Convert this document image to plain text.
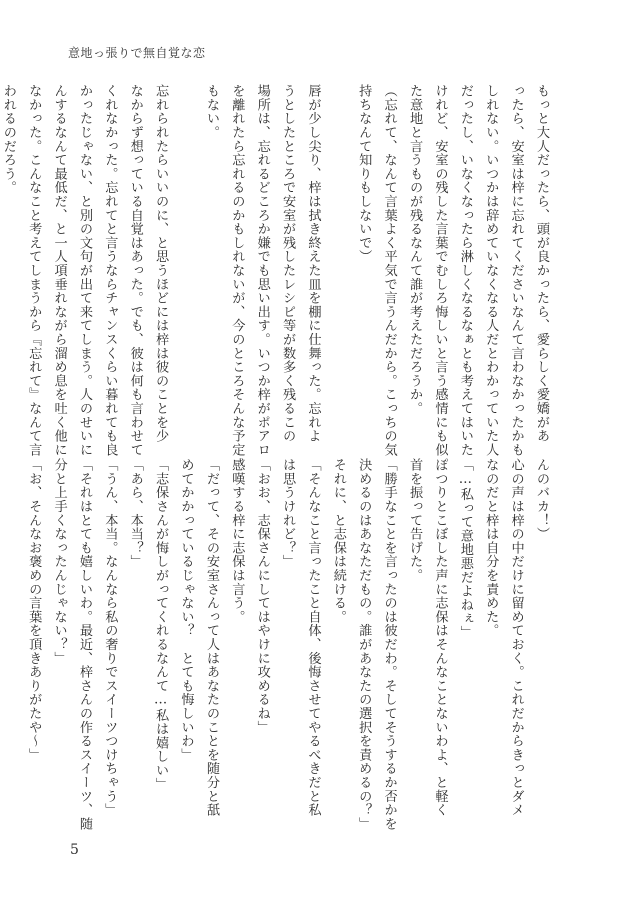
意地っ張りで無自覚な恋
もっと大人だったら、頭が良かったら、愛らしく愛嬌があ
ったら、安室は梓に忘れてくださいなんて言わなかったかも
しれない。いつかは辞めていなくなる人だとわかっていた人
だったし、いなくなったら淋しくなるなぁとも考えてはいた
けれど、安室の残した言葉でむしろ悔しいと言う感情にも似
た意地と言うものが残るなんて誰が考えただろうか。
（忘れて、なんて言葉よく平気で言うんだから。こっちの気
持ちなんて知りもしないで）
唇が少し尖り、梓は拭き終えた皿を棚に仕舞った。忘れよ
うとしたところで安室が残したレシピ等が数多く残るこの
場所は、忘れるどころか嫌でも思い出す。いつか梓がポアロ
を離れたら忘れるのかもしれないが、今のところそんな予定
もない。
忘れられたらいいのに、と思うほどには梓は彼のことを少
なからず想っている自覚はあった。でも、彼は何も言わせて
くれなかった。忘れてと言うならチャンスくらい暮れても良
かったじゃない、と別の文句が出て来てしまう。人のせいに
んするなんて最低だ、と一人項垂れながら溜め息を吐く他に
なかった。こんなこと考えてしまうから『忘れて』なんて言
われるのだろう。
んのバカ！）
心の声は梓の中だけに留めておく。これだからきっとダメ
なのだと梓は自分を責めた。
「…私って意地悪だよねぇ」
ぽつりとこぼした声に志保はそんなことないわよ、と軽く
首を振って告げた。
「勝手なことを言ったのは彼だわ。そしてそうするか否かを
決めるのはあなただもの。誰があなたの選択を責めるの？」
それに、と志保は続ける。
「そんなこと言ったこと自体、後悔させてやるべきだと私
は思うけれど？」
「おお、志保さんにしてはやけに攻めるね」
感嘆する梓に志保は言う。
「だって、その安室さんって人はあなたのことを随分と舐
めてかかっているじゃない？　とても悔しいわ」
「志保さんが悔しがってくれるなんて…私は嬉しい」
「あら、本当？」
「うん、本当。なんなら私の奢りでスイーツつけちゃう」
「それはとても嬉しいわ。最近、梓さんの作るスイーツ、随
分と上手くなったんじゃない？」
「お、そんなお褒めの言葉を頂きありがたや～」
5
